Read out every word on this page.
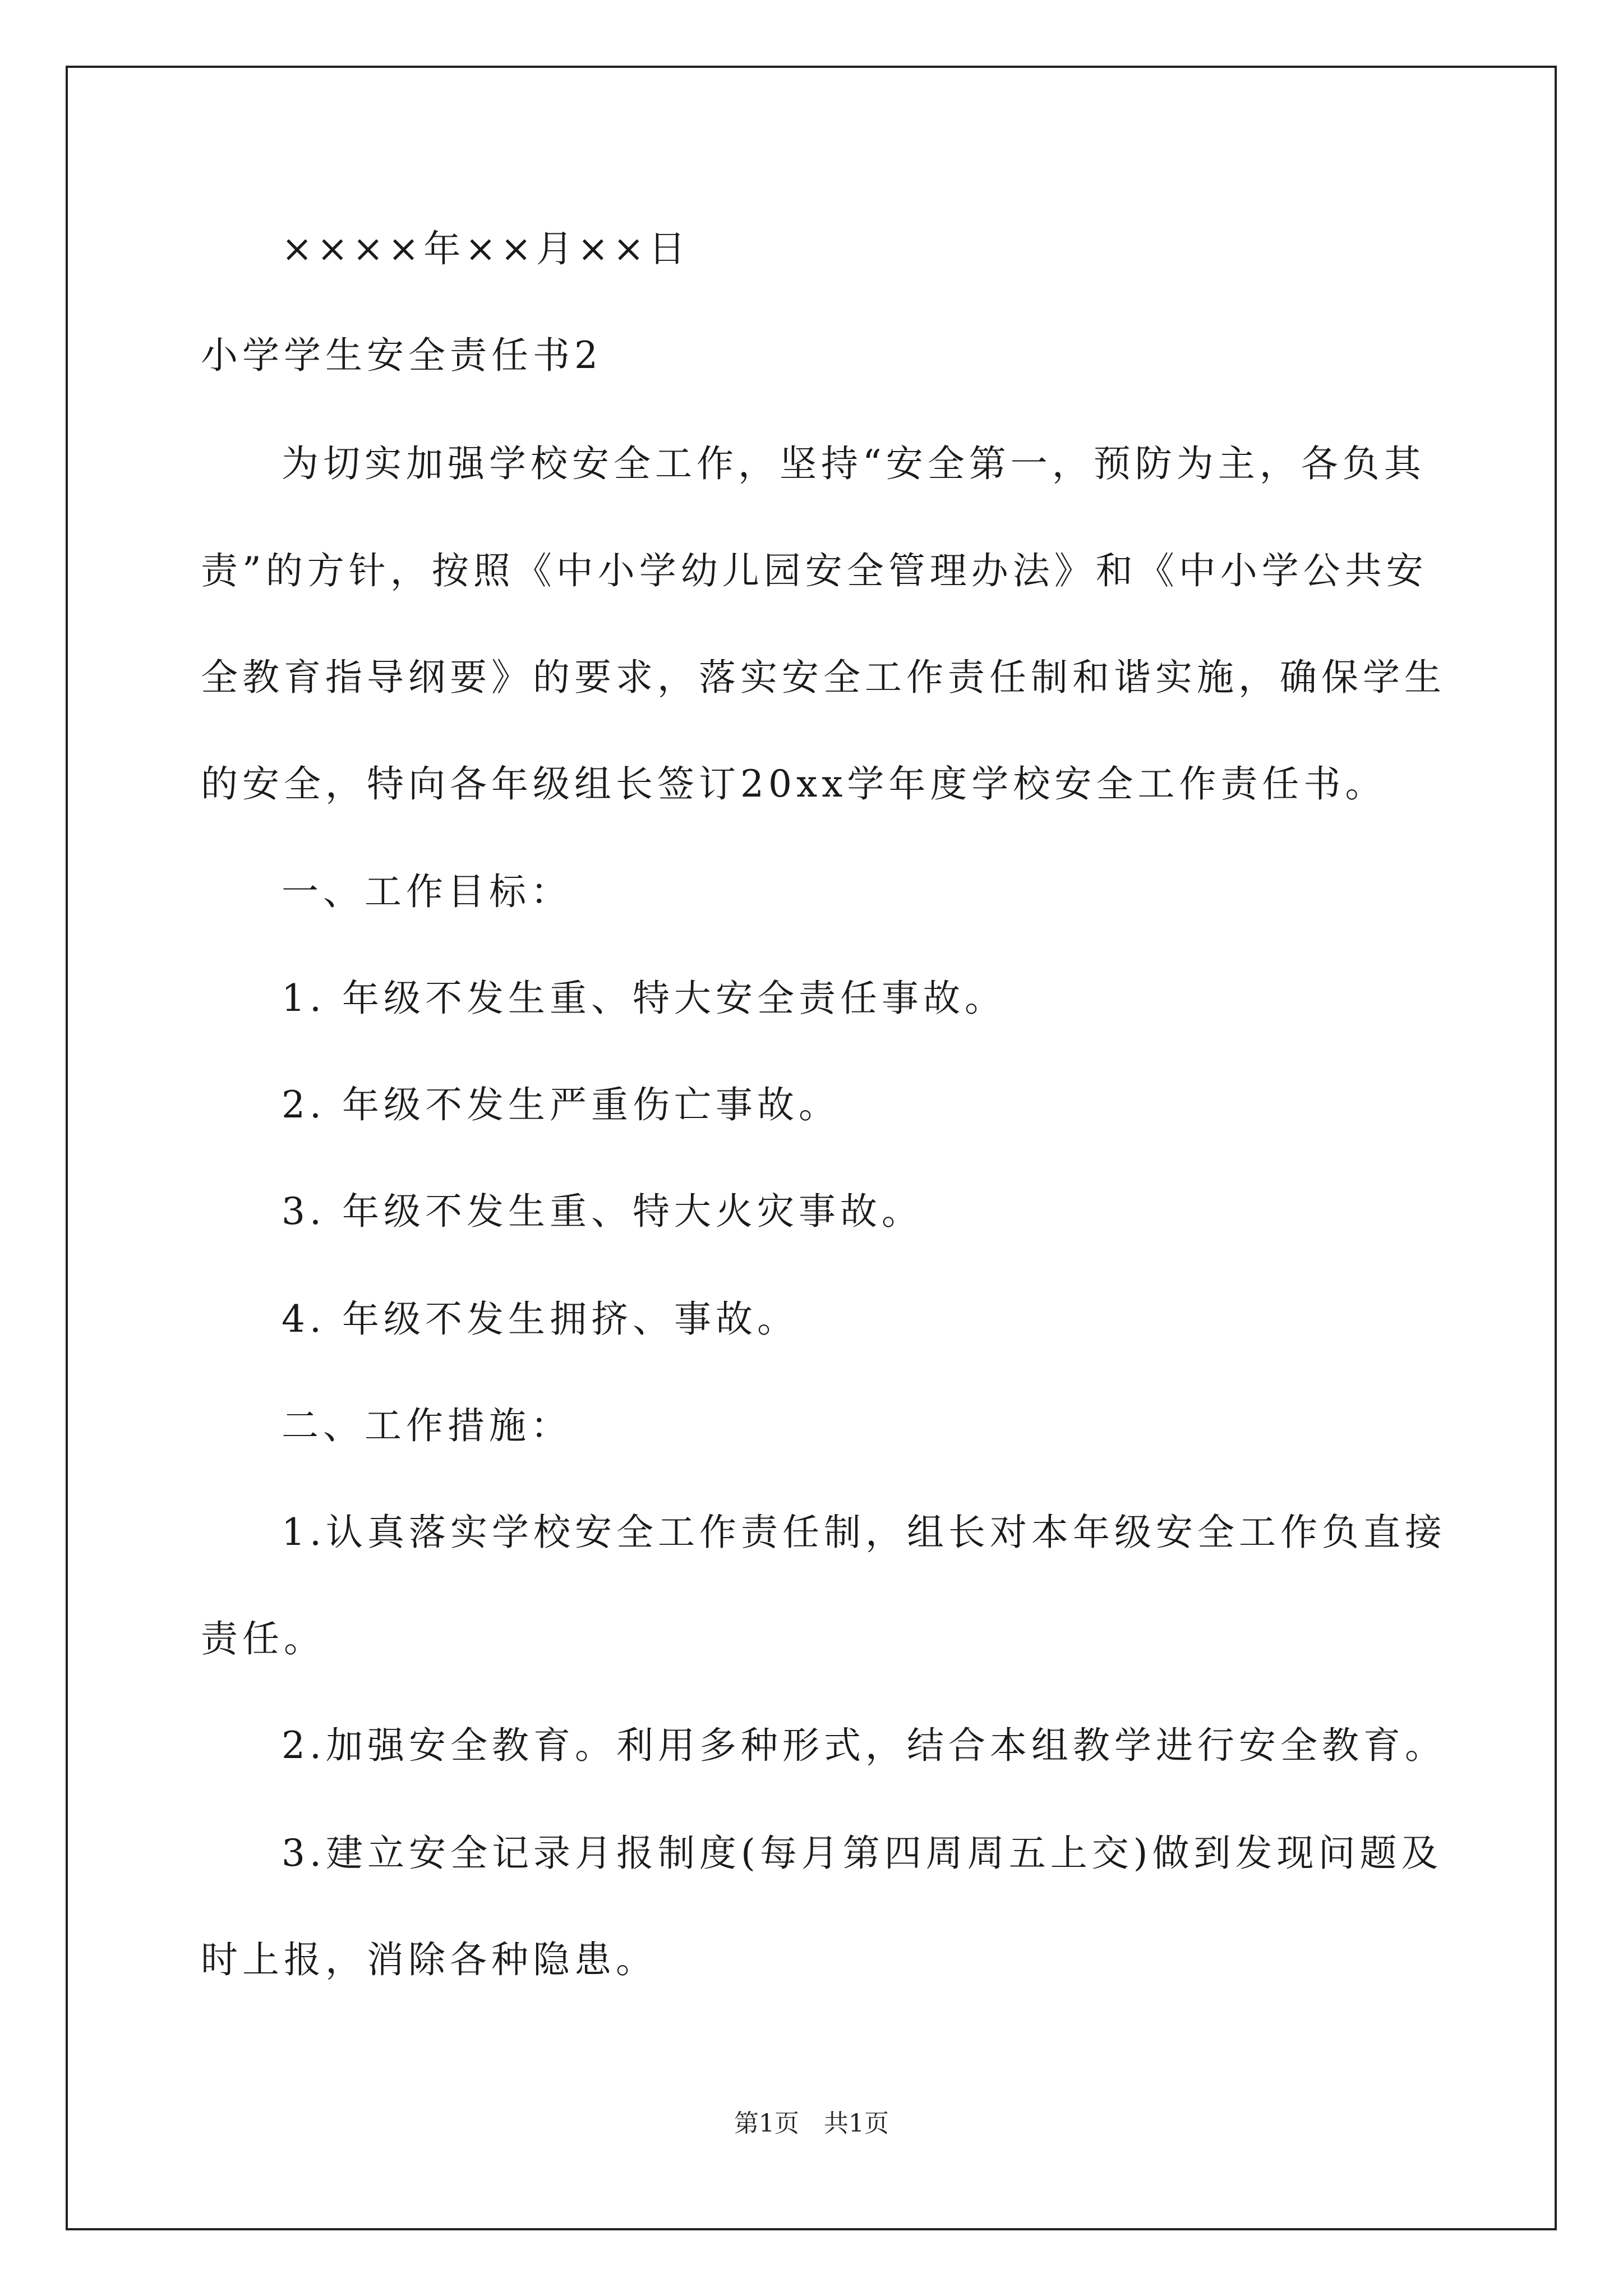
××××年××月××日
小学学生安全责任书2
为切实加强学校安全工作，坚持“安全第一，预防为主，各负其
责”的方针，按照《中小学幼儿园安全管理办法》和《中小学公共安
全教育指导纲要》的要求，落实安全工作责任制和谐实施，确保学生
的安全，特向各年级组长签订20xx学年度学校安全工作责任书。
一、工作目标：
1. 年级不发生重、特大安全责任事故。
2. 年级不发生严重伤亡事故。
3. 年级不发生重、特大火灾事故。
4. 年级不发生拥挤、事故。
二、工作措施：
1.认真落实学校安全工作责任制，组长对本年级安全工作负直接
责任。
2.加强安全教育。利用多种形式，结合本组教学进行安全教育。
3.建立安全记录月报制度(每月第四周周五上交)做到发现问题及
时上报，消除各种隐患。
第1页　共1页
